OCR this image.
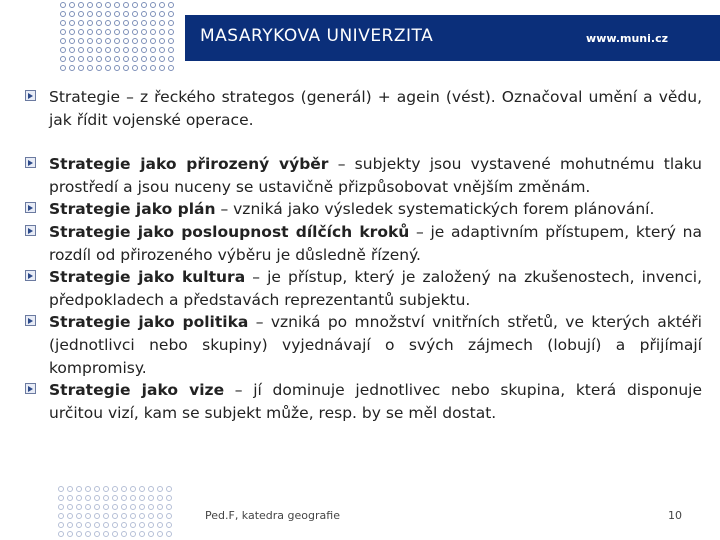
MASARYKOVA UNIVERZITA	www.muni.cz
Strategie – z řeckého strategos (generál) + agein (vést). Označoval umění a vědu, jak řídit vojenské operace.
Strategie jako přirozený výběr – subjekty jsou vystavené mohutnému tlaku prostředí a jsou nuceny se ustavičně přizpůsobovat vnějším změnám.
Strategie jako plán – vzniká jako výsledek systematických forem plánování.
Strategie jako posloupnost dílčích kroků – je adaptivním přístupem, který na rozdíl od přirozeného výběru je důsledně řízený.
Strategie jako kultura – je přístup, který je založený na zkušenostech, invenci, předpokladech a představách reprezentantů subjektu.
Strategie jako politika – vzniká po množství vnitřních střetů, ve kterých aktéři (jednotlivci nebo skupiny) vyjednávají o svých zájmech (lobují) a přijímají kompromisy.
Strategie jako vize – jí dominuje jednotlivec nebo skupina, která disponuje určitou vizí, kam se subjekt může, resp. by se měl dostat.
Ped.F, katedra geografie	10
